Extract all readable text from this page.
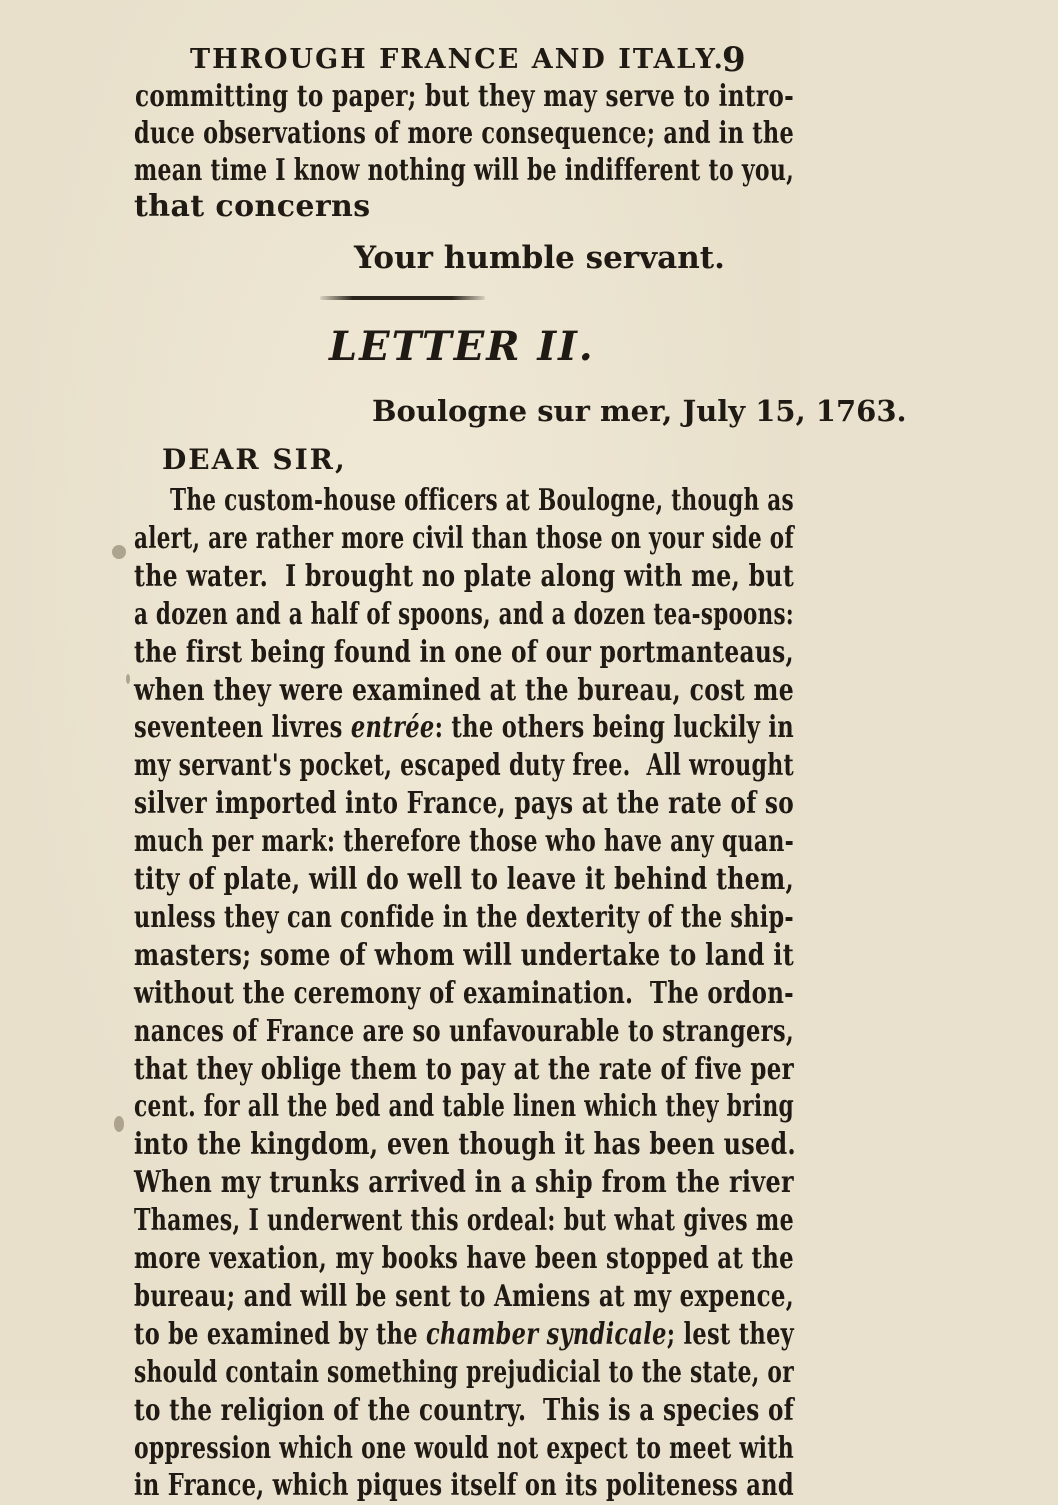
THROUGH FRANCE AND ITALY.
9
committing to paper; but they may serve to intro-
duce observations of more consequence; and in the
mean time I know nothing will be indifferent to you,
that concerns
Your humble servant.
LETTER II.
Boulogne sur mer, July 15, 1763.
DEAR SIR,
The custom-house officers at Boulogne, though as
alert, are rather more civil than those on your side of
the water.  I brought no plate along with me, but
a dozen and a half of spoons, and a dozen tea-spoons:
the first being found in one of our portmanteaus,
when they were examined at the bureau, cost me
seventeen livres entrée: the others being luckily in
my servant's pocket, escaped duty free.  All wrought
silver imported into France, pays at the rate of so
much per mark: therefore those who have any quan-
tity of plate, will do well to leave it behind them,
unless they can confide in the dexterity of the ship-
masters; some of whom will undertake to land it
without the ceremony of examination.  The ordon-
nances of France are so unfavourable to strangers,
that they oblige them to pay at the rate of five per
cent. for all the bed and table linen which they bring
into the kingdom, even though it has been used.
When my trunks arrived in a ship from the river
Thames, I underwent this ordeal: but what gives me
more vexation, my books have been stopped at the
bureau; and will be sent to Amiens at my expence,
to be examined by the chamber syndicale; lest they
should contain something prejudicial to the state, or
to the religion of the country.  This is a species of
oppression which one would not expect to meet with
in France, which piques itself on its politeness and
